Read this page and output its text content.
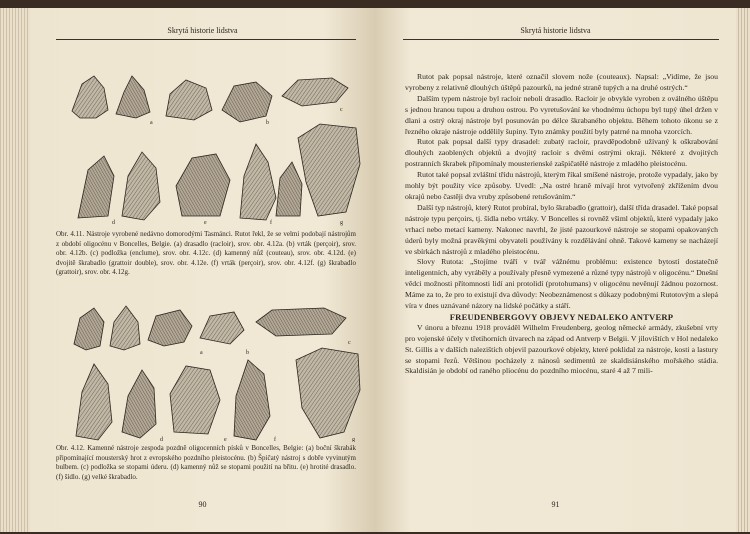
Skrytá historie lidstva
a	b
c
d	e	f	g
Obr. 4.11. Nástroje vyrobené nedávno domorodými Tasmánci. Rutot řekl, že se velmi podobají nástrojům z období oligocénu v Boncelles, Belgie. (a) drasadlo (racloir), srov. obr. 4.12a. (b) vrták (perçoir), srov. obr. 4.12b. (c) podložka (enclume), srov. obr. 4.12c. (d) kamenný nůž (couteau), srov. obr. 4.12d. (e) dvojitě škrabadlo (grattoir double), srov. obr. 4.12e. (f) vrták (perçoir), srov. obr. 4.12f. (g) škrabadlo (grattoir), srov. obr. 4.12g.
a	b
c
d	e	f	g
Obr. 4.12. Kamenné nástroje zespoda pozdně oligocenních písků v Boncelles, Belgie: (a) boční škrabák připomínající mousterský hrot z evropského pozdního pleistocénu. (b) Špičatý nástroj s dobře vyvinutým bulbem. (c) podložka se stopami úderu. (d) kamenný nůž se stopami použití na břitu. (e) hrotité drasadlo. (f) šídlo. (g) velké škrabadlo.
90
Skrytá historie lidstva

Rutot pak popsal nástroje, které označil slovem nože (couteaux). Napsal: „Vidíme, že jsou vyrobeny z relativně dlouhých úštěpů pazourků, na jedné straně tupých a na druhé ostrých.“

Dalším typem nástroje byl racloir neboli drasadlo. Racloir je obvykle vyroben z oválného úštěpu s jednou hranou tupou a druhou ostrou. Po vyretušování ke vhodnému úchopu byl tupý úhel držen v dlani a ostrý okraj nástroje byl posunován po délce škrabaného objektu. Během tohoto úkonu se z řezného okraje nástroje oddělily šupiny. Tyto známky použití byly patrné na mnoha vzorcích.

Rutot pak popsal další typy drasadel: zubatý racloir, pravděpodobně užívaný k oškrabování dlouhých zaoblených objektů a dvojitý racloir s dvěmi ostrými okraji. Některé z dvojitých postranních škrabek připomínaly mousterienské zašpičatělé nástroje z mladého pleistocénu.

Rutot také popsal zvláštní třídu nástrojů, kterým říkal smíšené nástroje, protože vypadaly, jako by mohly být použity více způsoby. Uvedl: „Na ostré hraně mívají hrot vytvořený zkřížením dvou okrajů nebo častěji dva vruby způsobené retušováním.“

Další typ nástrojů, který Rutot probíral, bylo škrabadlo (grattoir), další třída drasadel. Také popsal nástroje typu perçoirs, tj. šídla nebo vrtáky. V Boncelles si rovněž všiml objektů, které vypadaly jako vrhací nebo metací kameny. Nakonec navrhl, že jisté pazourkové nástroje se stopami opakovaných úderů byly možná pravěkými obyvateli používány k rozdělávání ohně. Takové kameny se nacházejí ve sbírkách nástrojů z mladého pleistocénu.

Slovy Rutota: „Stojíme tváří v tvář vážnému problému: existence bytostí dostatečně inteligentních, aby vyráběly a používaly přesně vymezené a různé typy nástrojů v oligocénu.“ Dnešní vědci možnosti přítomnosti lidí ani protolidí (protohumans) v oligocénu nevěnují žádnou pozornost. Máme za to, že pro to existují dva důvody: Neobeznámenost s důkazy podobnými Rutotovým a slepá víra v dnes uznávané názory na lidské počátky a stáří.

FREUDENBERGOVY OBJEVY NEDALEKO ANTVERP

V únoru a březnu 1918 prováděl Wilhelm Freudenberg, geolog německé armády, zkušební vrty pro vojenské účely v třetihorních útvarech na západ od Antverp v Belgii. V jílovištích v Hol nedaleko St. Gillis a v dalších nalezištích objevil pazourkové objekty, které poklidal za nástroje, kosti a lastury se stopami řezů. Většinou pocházely z nánosů sedimentů ze skaldisiánského mořského stádia. Skaldisián je období od raného pliocénu do pozdního miocénu, staré 4 až 7 mili-

91
